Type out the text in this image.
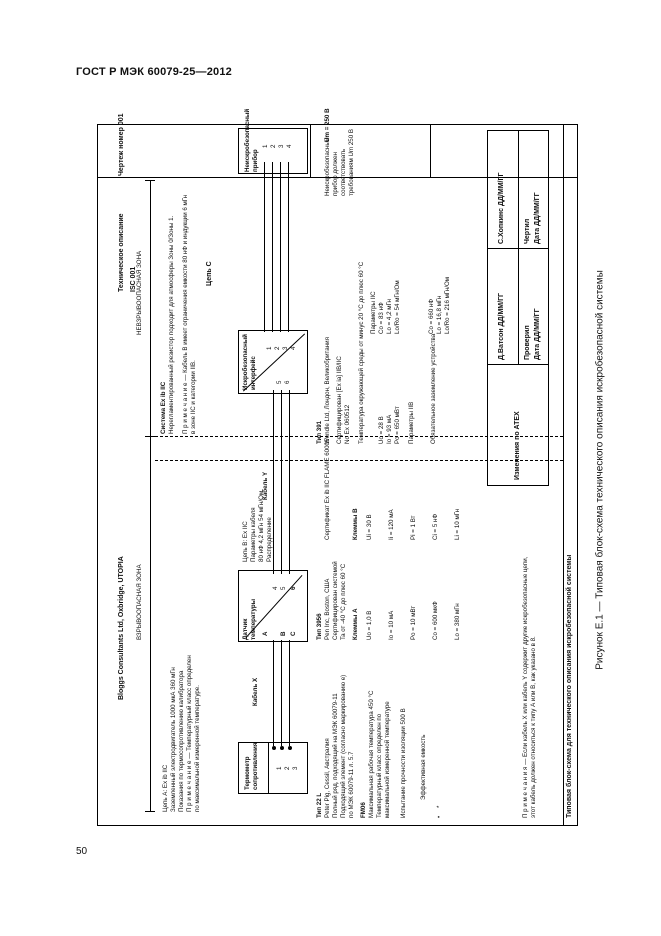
ГОСТ Р МЭК 60079-25—2012
50
Рисунок Е.1 — Типовая блок-схема технического описания искробезопасной системы
Bloggs Consultants Ltd, Oxbridge, UTOPIA
Техническое описание ISC 001
Чертеж номер 001
ВЗРЫВООПАСНАЯ ЗОНА
НЕВЗРЫВООПАСНАЯ ЗОНА
Система Ex ib IIC Нерегламентированный резистор подходит для атмосферы Зоны 0/Зоны 1. П р и м е ч а н и е — Кабель В имеет ограничения емкости 80 нФ и индукции 6 мГн в зоне IIC и категории IIB.
Термометр сопротивления	1 2 3
Цепь А: Ex ib IIC Заземленный электродвигатель 1000 мкА 360 мГн Показания по термосопротивлению калибратора П р и м е ч а н и е — Температурный класс определен по максимальной измеренной температуре.	Кабель X
Датчик температуры A B C
4 5 6
Цепь В: Ex IIC Параметры кабеля 80 нФ 4,2 мГн 54 мГн/Ом Распределение
Кабель Y
Искробезопасный интерфейс	5 6
1 2 3 4
Цепь С
Неискробезопасный прибор
1 2 3 4	Неискробезопасный прибор должен соответствовать требованиям Um 250 В
Um = 250 В
Тип 22 L Peter Pig, Cessil, Австралия Полный ряд, подходящий на МЭК 60079-11 Подходящий элемент (согласно маркированию е) по МЭК 60079-11 л. 5.7 FM06 Максимальная рабочая температура 450 °С Температурный класс определен по максимальной измеренной температуре Испытание прочности изоляции 500 В Эффективная емкость
•
*
Тип 3956 Pen Inc, Boston, США Сертифицирован системой Ta от -40 °С до плюс 60 °С
Сертификат Ex ib IIC FLAME 60005
Клеммы А
Клеммы В
Uo = 1,0 В
Ui = 30 В
Io = 10 мА
Ii = 120 мА
Po = 10 мВт
Pi = 1 Вт
Co = 600 мкФ
Ci = 5 нФ
Lo = 380 мГн
Li = 10 мГн
Тип 391 Wendle Ltd, Лондон, Великобритания Сертифицирован [Ex ia] IIB/IIC No Ex 060512 Температура окружающей среды от минус 20 °С до плюс 60 °С Uo = 28 В Io = 93 мА Po = 650 мВт
Параметры IIC Co = 83 нФ Lo = 4,2 мГн Lo/Ro = 54 мГн/Ом
Параметры IIB
Co = 660 нФ Lo = 16,8 мГн Lo/Ro = 216 мГн/Ом
Обязательное заземление устройства
П р и м е ч а н и я — Если кабель X или кабель Y содержит другие искробезопасные цепи, этот кабель должен относиться к типу А или В, как указано в 8.
Изменения по ATEX
Д.Ватсон ДД/ММ/ГГ	Проверил Дата ДД/ММ/ГГ
С.Хопкинс ДД/ММ/ГГ	Чертил Дата ДД/ММ/ГГ
Типовая блок-схема для технического описания искробезопасной системы
